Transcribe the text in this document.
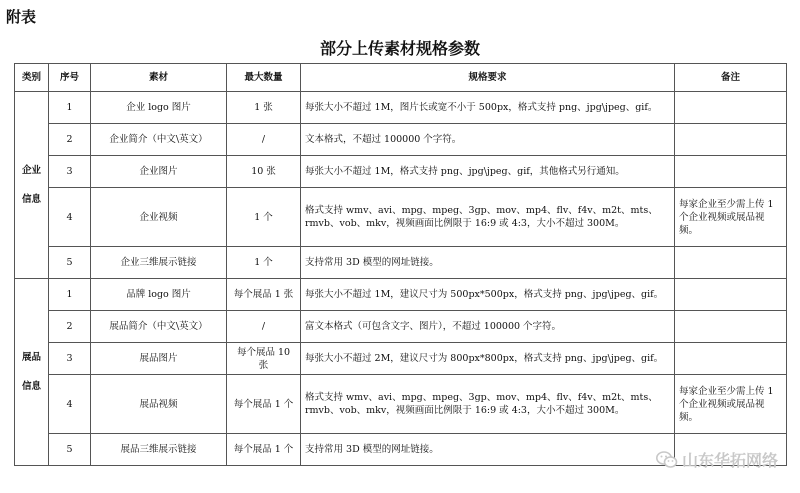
附表
部分上传素材规格参数
类别	序号	素材	最大数量	规格要求	备注
企业
信息	1	企业 logo 图片	1 张	每张大小不超过 1M，图片长或宽不小于 500px，格式支持 png、jpg\jpeg、gif。	
	2	企业简介（中文\英文）	/	文本格式，不超过 100000 个字符。	
	3	企业图片	10 张	每张大小不超过 1M，格式支持 png、jpg\jpeg、gif，其他格式另行通知。	
	4	企业视频	1 个	格式支持 wmv、avi、mpg、mpeg、3gp、mov、mp4、flv、f4v、m2t、mts、rmvb、vob、mkv，视频画面比例限于 16:9 或 4:3，大小不超过 300M。	每家企业至少需上传 1 个企业视频或展品视频。
	5	企业三维展示链接	1 个	支持常用 3D 模型的网址链接。	
展品
信息	1	品牌 logo 图片	每个展品 1 张	每张大小不超过 1M，建议尺寸为 500px*500px，格式支持 png、jpg\jpeg、gif。	
	2	展品简介（中文\英文）	/	富文本格式（可包含文字、图片），不超过 100000 个字符。	
	3	展品图片	每个展品 10 张	每张大小不超过 2M，建议尺寸为 800px*800px，格式支持 png、jpg\jpeg、gif。	
	4	展品视频	每个展品 1 个	格式支持 wmv、avi、mpg、mpeg、3gp、mov、mp4、flv、f4v、m2t、mts、rmvb、vob、mkv，视频画面比例限于 16:9 或 4:3，大小不超过 300M。	每家企业至少需上传 1 个企业视频或展品视频。
	5	展品三维展示链接	每个展品 1 个	支持常用 3D 模型的网址链接。	
山东华拓网络
